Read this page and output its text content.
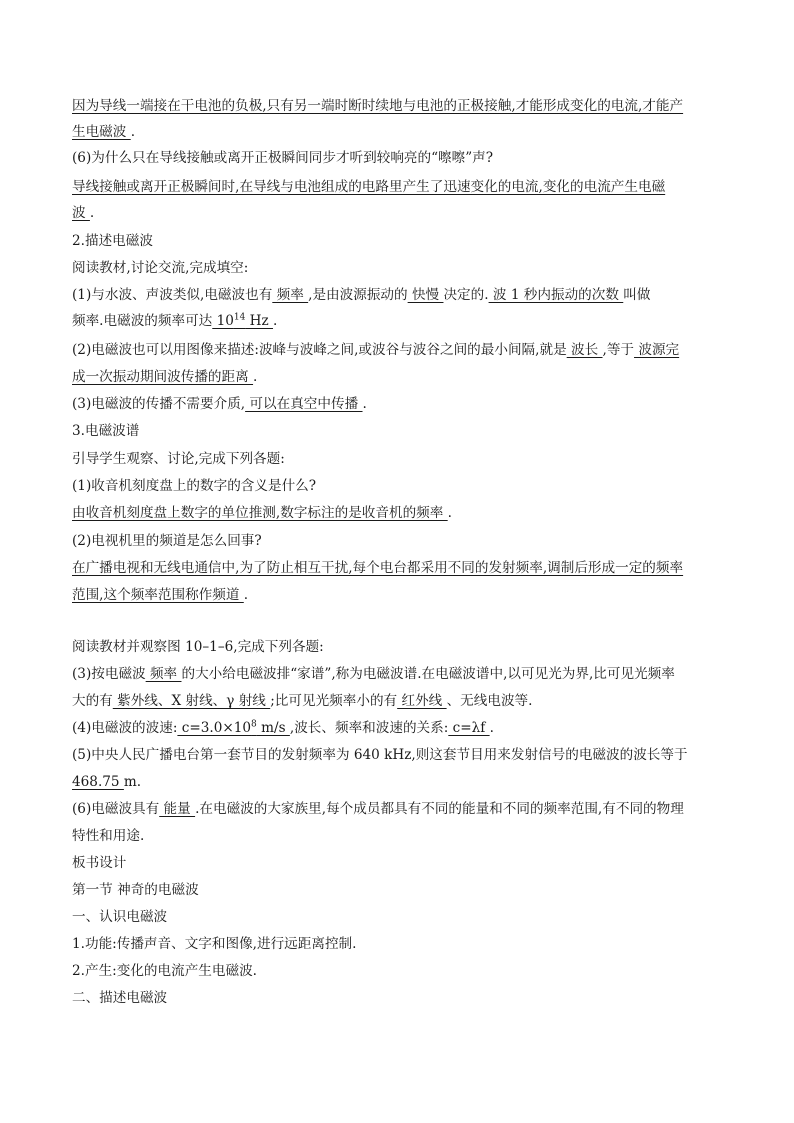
因为导线一端接在干电池的负极,只有另一端时断时续地与电池的正极接触,才能形成变化的电流,才能产
生电磁波 .
(6)为什么只在导线接触或离开正极瞬间同步才听到较响亮的“嚓嚓”声?
导线接触或离开正极瞬间时,在导线与电池组成的电路里产生了迅速变化的电流,变化的电流产生电磁
波 .
2.描述电磁波
阅读教材,讨论交流,完成填空:
(1)与水波、声波类似,电磁波也有 频率 ,是由波源振动的 快慢 决定的. 波 1 秒内振动的次数 叫做
频率.电磁波的频率可达 $10^{14}$ Hz .
(2)电磁波也可以用图像来描述:波峰与波峰之间,或波谷与波谷之间的最小间隔,就是 波长 ,等于 波源完
成一次振动期间波传播的距离 .
(3)电磁波的传播不需要介质, 可以在真空中传播 .
3.电磁波谱
引导学生观察、讨论,完成下列各题:
(1)收音机刻度盘上的数字的含义是什么?
由收音机刻度盘上数字的单位推测,数字标注的是收音机的频率 .
(2)电视机里的频道是怎么回事?
在广播电视和无线电通信中,为了防止相互干扰,每个电台都采用不同的发射频率,调制后形成一定的频率
范围,这个频率范围称作频道 .
阅读教材并观察图 10–1–6,完成下列各题:
(3)按电磁波 频率 的大小给电磁波排“家谱”,称为电磁波谱.在电磁波谱中,以可见光为界,比可见光频率
大的有 紫外线、X 射线、γ 射线 ;比可见光频率小的有 红外线 、无线电波等.
(4)电磁波的波速: $c=3.0\times 10^8$ m/s ,波长、频率和波速的关系: c=λf .
(5)中央人民广播电台第一套节目的发射频率为 640 kHz,则这套节目用来发射信号的电磁波的波长等于
468.75 m.
(6)电磁波具有 能量 .在电磁波的大家族里,每个成员都具有不同的能量和不同的频率范围,有不同的物理
特性和用途.
板书设计
第一节 神奇的电磁波
一、认识电磁波
1.功能:传播声音、文字和图像,进行远距离控制.
2.产生:变化的电流产生电磁波.
二、描述电磁波
